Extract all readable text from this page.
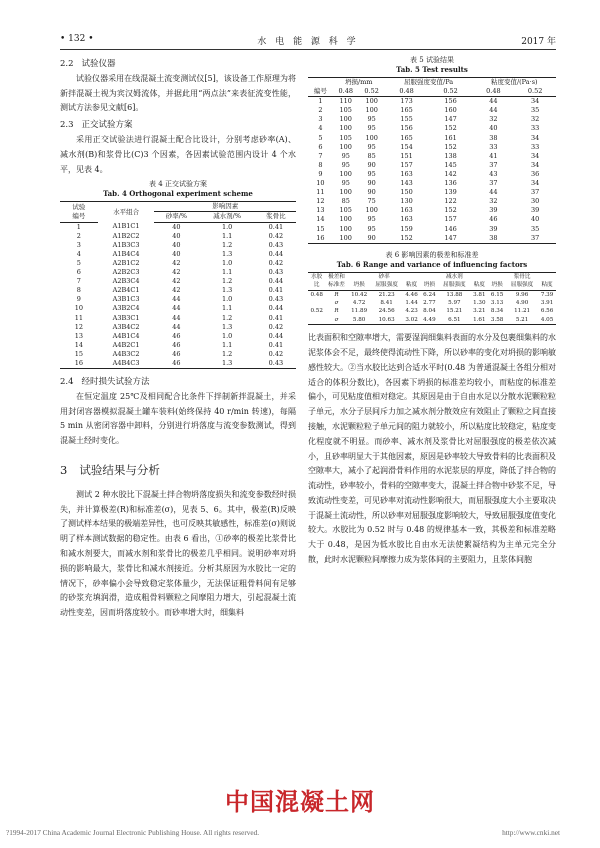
• 132 •	水 电 能 源 科 学	2017 年
2.2 试验仪器

试验仪器采用在线混凝土流变测试仪[5]，该设备工作原理为将新拌混凝土视为宾汉姆流体，并据此用“两点法”来表征流变性能，测试方法参见文献[6]。

2.3 正交试验方案

采用正交试验法进行混凝土配合比设计，分别考虑砂率(A)、减水剂(B)和浆骨比(C)3 个因素，各因素试验范围内设计 4 个水平，见表 4。

表 4 正交试验方案
Tab. 4 Orthogonal experiment scheme
试验	水平组合	影响因素		
编号		砂率/%	减水剂/%	浆骨比
1	A1B1C1	40	1.0	0.41
2	A1B2C2	40	1.1	0.42
3	A1B3C3	40	1.2	0.43
4	A1B4C4	40	1.3	0.44
5	A2B1C2	42	1.0	0.42
6	A2B2C3	42	1.1	0.43
7	A2B3C4	42	1.2	0.44
8	A2B4C1	42	1.3	0.41
9	A3B1C3	44	1.0	0.43
10	A3B2C4	44	1.1	0.44
11	A3B3C1	44	1.2	0.41
12	A3B4C2	44	1.3	0.42
13	A4B1C4	46	1.0	0.44
14	A4B2C1	46	1.1	0.41
15	A4B3C2	46	1.2	0.42
16	A4B4C3	46	1.3	0.43
2.4 经时损失试验方法

在恒定温度 25℃及相同配合比条件下拌制新拌混凝土，并采用封闭容器模拟混凝土罐车装料(始终保持 40 r/min 转速)，每隔 5 min 从密闭容器中卸料，分别进行坍落度与流变参数测试，得到混凝土经时变化。

3 试验结果与分析

测试 2 种水胶比下混凝土拌合物坍落度损失和流变参数经时损失，并计算极差(R)和标准差(σ)，见表 5、6。其中，极差(R)反映了测试样本结果的极端差异性，也可反映其敏感性，标准差(σ)则说明了样本测试数据的稳定性。由表 6 看出，①砂率的极差比浆骨比和减水剂要大，而减水剂和浆骨比的极差几乎相同。说明砂率对坍损的影响最大，浆骨比和减水剂接近。分析其原因为水胶比一定的情况下，砂率偏小会导致稳定浆体量少，无法保证粗骨料间有足够的砂浆充填润滑，造成粗骨料颗粒之间摩阻力增大，引起混凝土流动性变差，因而坍落度较小。而砂率增大时，细集料

表 5 试验结果
Tab. 5 Test results
	坍损/mm		屈服强度变值/Pa		粘度变值/(Pa·s)	
编号	0.48	0.52	0.48	0.52	0.48	0.52
1	110	100	173	156	44	34
2	105	100	165	160	44	35
3	100	95	155	147	32	32
4	100	95	156	152	40	33
5	105	100	165	161	38	34
6	100	95	154	152	33	33
7	95	85	151	138	41	34
8	95	90	157	145	37	34
9	100	95	163	142	43	36
10	95	90	143	136	37	34
11	100	90	150	139	44	37
12	85	75	130	122	32	30
13	105	100	163	152	39	39
14	100	95	163	157	46	40
15	100	95	159	146	39	35
16	100	90	152	147	38	37
表 6 影响因素的极差和标准差
Tab. 6 Range and variance of influencing factors
水胶	极差和	砂率			减水剂			浆骨比		
比	标准差	坍损	屈服强度	粘度	坍损	屈服强度	粘度	坍损	屈服强度	粘度
0.48	R	10.42	21.23	4.46	6.24	13.88	3.81	6.15	9.96	7.39
	σ	4.72	8.41	1.44	2.77	5.97	1.30	3.13	4.90	3.91
0.52	R	11.89	24.56	4.23	8.04	15.21	3.21	8.34	11.21	6.56
	σ	5.80	10.63	3.02	4.49	6.51	1.61	3.58	5.21	4.05

比表面积和空隙率增大，需要湿润细集料表面的水分及包裹细集料的水泥浆体会不足，最终使得流动性下降，所以砂率的变化对坍损的影响敏感性较大。②当水胶比达到合适水平时(0.48 为普通混凝土各组分相对适合的体积分数比)，各因素下坍损的标准差均较小，而粘度的标准差偏小，可见粘度值相对稳定。其原因是由于自由水足以分散水泥颗粒粒子单元，水分子层间斥力加之减水剂分散效应有效阻止了颗粒之间直接接触，水泥颗粒粒子单元间的阻力就较小，所以粘度比较稳定，粘度变化程度就不明显。而砂率、减水剂及浆骨比对屈服强度的极差依次减小，且砂率明显大于其他因素，原因是砂率较大导致骨料的比表面积及空隙率大，减小了起润滑骨料作用的水泥浆层的厚度，降低了拌合物的流动性，砂率较小，骨料的空隙率变大，混凝土拌合物中砂浆不足，导致流动性变差，可见砂率对流动性影响很大，而屈服强度大小主要取决于混凝土流动性，所以砂率对屈服强度影响较大，导致屈服强度值变化较大。水胶比为 0.52 时与 0.48 的规律基本一致，其极差和标准差略大于 0.48，是因为低水胶比自由水无法使絮凝结构为主单元完全分散，此时水泥颗粒间摩擦力成为浆体间的主要阻力，且浆体间胞

中国混凝土网
?1994-2017 China Academic Journal Electronic Publishing House. All rights reserved.	http://www.cnki.net
